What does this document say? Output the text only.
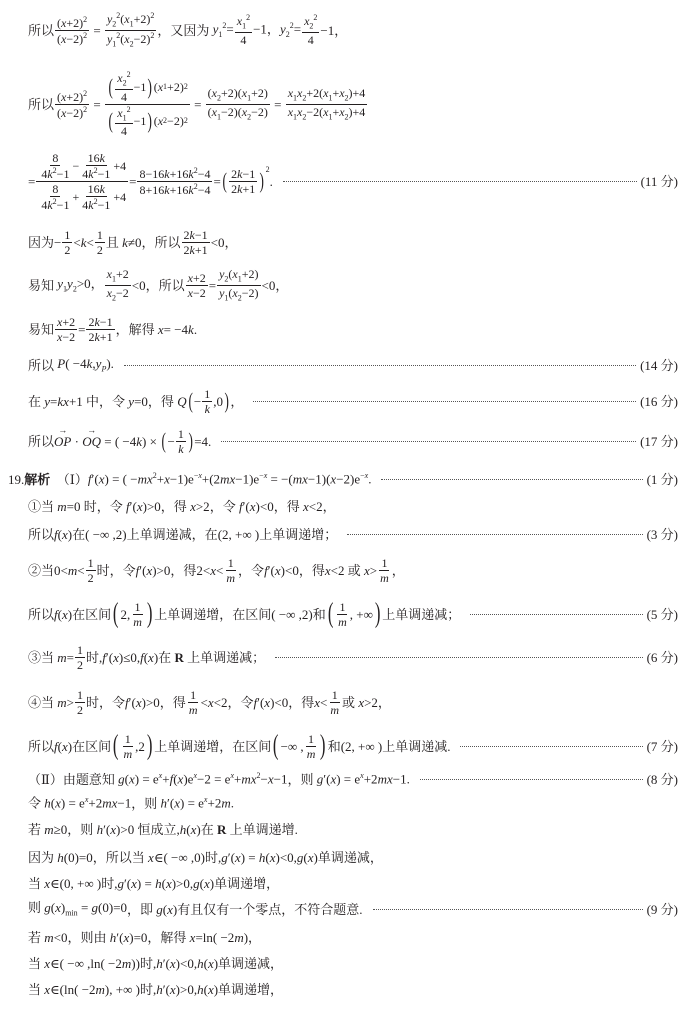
所以 $\frac{(x+2)^2}{(x-2)^2} = \frac{y_2^2(x_1+2)^2}{y_1^2(x_2-2)^2}$ ，又因为 $y_1^2= \frac{x_1^2}{4} -1$，$y_2^2= \frac{x_2^2}{4} -1$，
所以 $\frac{(x+2)^2}{(x-2)^2} = \frac{( \frac{x_2^2}{4} -1 ) ( x 1 +2) 2}{( \frac{x_1^2}{4} -1 ) ( x 2 -2) 2} = \frac{(x_2+2)(x_1+2)}{(x_1-2)(x_2-2)} = \frac{x_1x_2+2(x_1+x_2)+4}{x_1x_2-2(x_1+x_2)+4}$
= $\frac{\frac{8}{4k^2-1} - \frac{16k}{4k^2-1} +4}{\frac{8}{4k^2-1} + \frac{16k}{4k^2-1} +4} = \frac{8-16k+16k^2-4}{8+16k+16k^2-4}$ = ( $\frac{2k-1}{2k+1} )^2$
.	(11 分)
因为 − $\frac{1}{2} <k< \frac{1}{2}$ 且 k≠0， 所以 $\frac{2k-1}{2k+1} <0$，
易知 $y_1y_2>0$， $\frac{x_1+2}{x_2-2} <0$， 所以 $\frac{x+2}{x-2} = \frac{y_2(x_1+2)}{y_1(x_2-2)} <0$，
易知 $\frac{x+2}{x-2} = \frac{2k-1}{2k+1}$ ，解得 x= −4k.
所以 $P( -4k,y_P)$.	(14 分)
在 y=kx+1 中，令 y=0 ，得 Q ( − $\frac{1}{k} ,0$ ) ，	(16 分)
所以 → OP · → OQ = ( −4k) × ( − $\frac{1}{k}$ ) =4.	(17 分)
19. 解析
（Ⅰ） f′(x) = ( $-mx^2+x-1)e^{-x}+(2mx-1)e^{-x} = -(mx-1)(x-2)e^{-x}$.	(1 分)
①当 m=0 时 ，令 f′(x)>0 ，得 x>2 ，令 f′(x)<0 ，得 x<2，
所以 f(x) 在 ( −∞ ,2) 上单调递减 ， 在 (2, +∞ ) 上单调递增 ；	(3 分)
②当 $0<m< \frac{1}{2}$ 时 ，令 f′(x)>0 ，得 $2<x< \frac{1}{m}$ ，令 f′(x)<0 ，得 x<2 或 $x> \frac{1}{m}$ ，
所以 f(x) 在区间 ( 2, $\frac{1}{m}$ ) 上单调递增 ， 在区间 ( −∞ ,2) 和 ( $\frac{1}{m}$ , +∞ ) 上单调递减 ；	(5 分)
③当 $m= \frac{1}{2}$ 时 ,f′(x)≤0,f(x) 在 R 上单调递减 ；	(6 分)
④当 $m> \frac{1}{2}$ 时 ，令 f′(x)>0 ，得 $\frac{1}{m} <x<2$ ，令 f′(x)<0 ，得 $x< \frac{1}{m}$ 或 x>2，
所以 f(x) 在区间 ( $\frac{1}{m} ,2$ ) 上单调递增 ， 在区间 ( −∞ , $\frac{1}{m}$ ) 和 (2, +∞ ) 上单调递减 .	(7 分)
（Ⅱ） 由题意知 $g(x) = e^x+f(x)e^x-2 = e^x+mx^2-x-1$ ，则 $g'(x) = e^x+2mx-1$.	(8 分)
令 $h(x) = e^x+2mx-1$ ，则 $h'(x) = e^x+2m$.
若 m≥0 ，则 h′(x)>0 恒成立 ,h(x) 在 R 上单调递增 .
因为 h(0)=0， 所以 当 x∈( −∞ ,0) 时 ,g′(x) = h(x)<0,g(x)单调递减，
当 x∈(0, +∞ ) 时 ,g′(x) = h(x)>0,g(x)单调递增，
则 $g(x)_{min} = g(0)=0$ ，即 g(x) 有且仅有一个零点，不符合题意.	(9 分)
若 m<0 ，则由 h′(x)=0 ，解得 x=ln( −2m)，
当 x∈( −∞ ,ln( −2m)) 时 ,h′(x)<0,h(x)单调递减，
当 x∈(ln( −2m), +∞ ) 时 ,h′(x)>0,h(x)单调递增，
